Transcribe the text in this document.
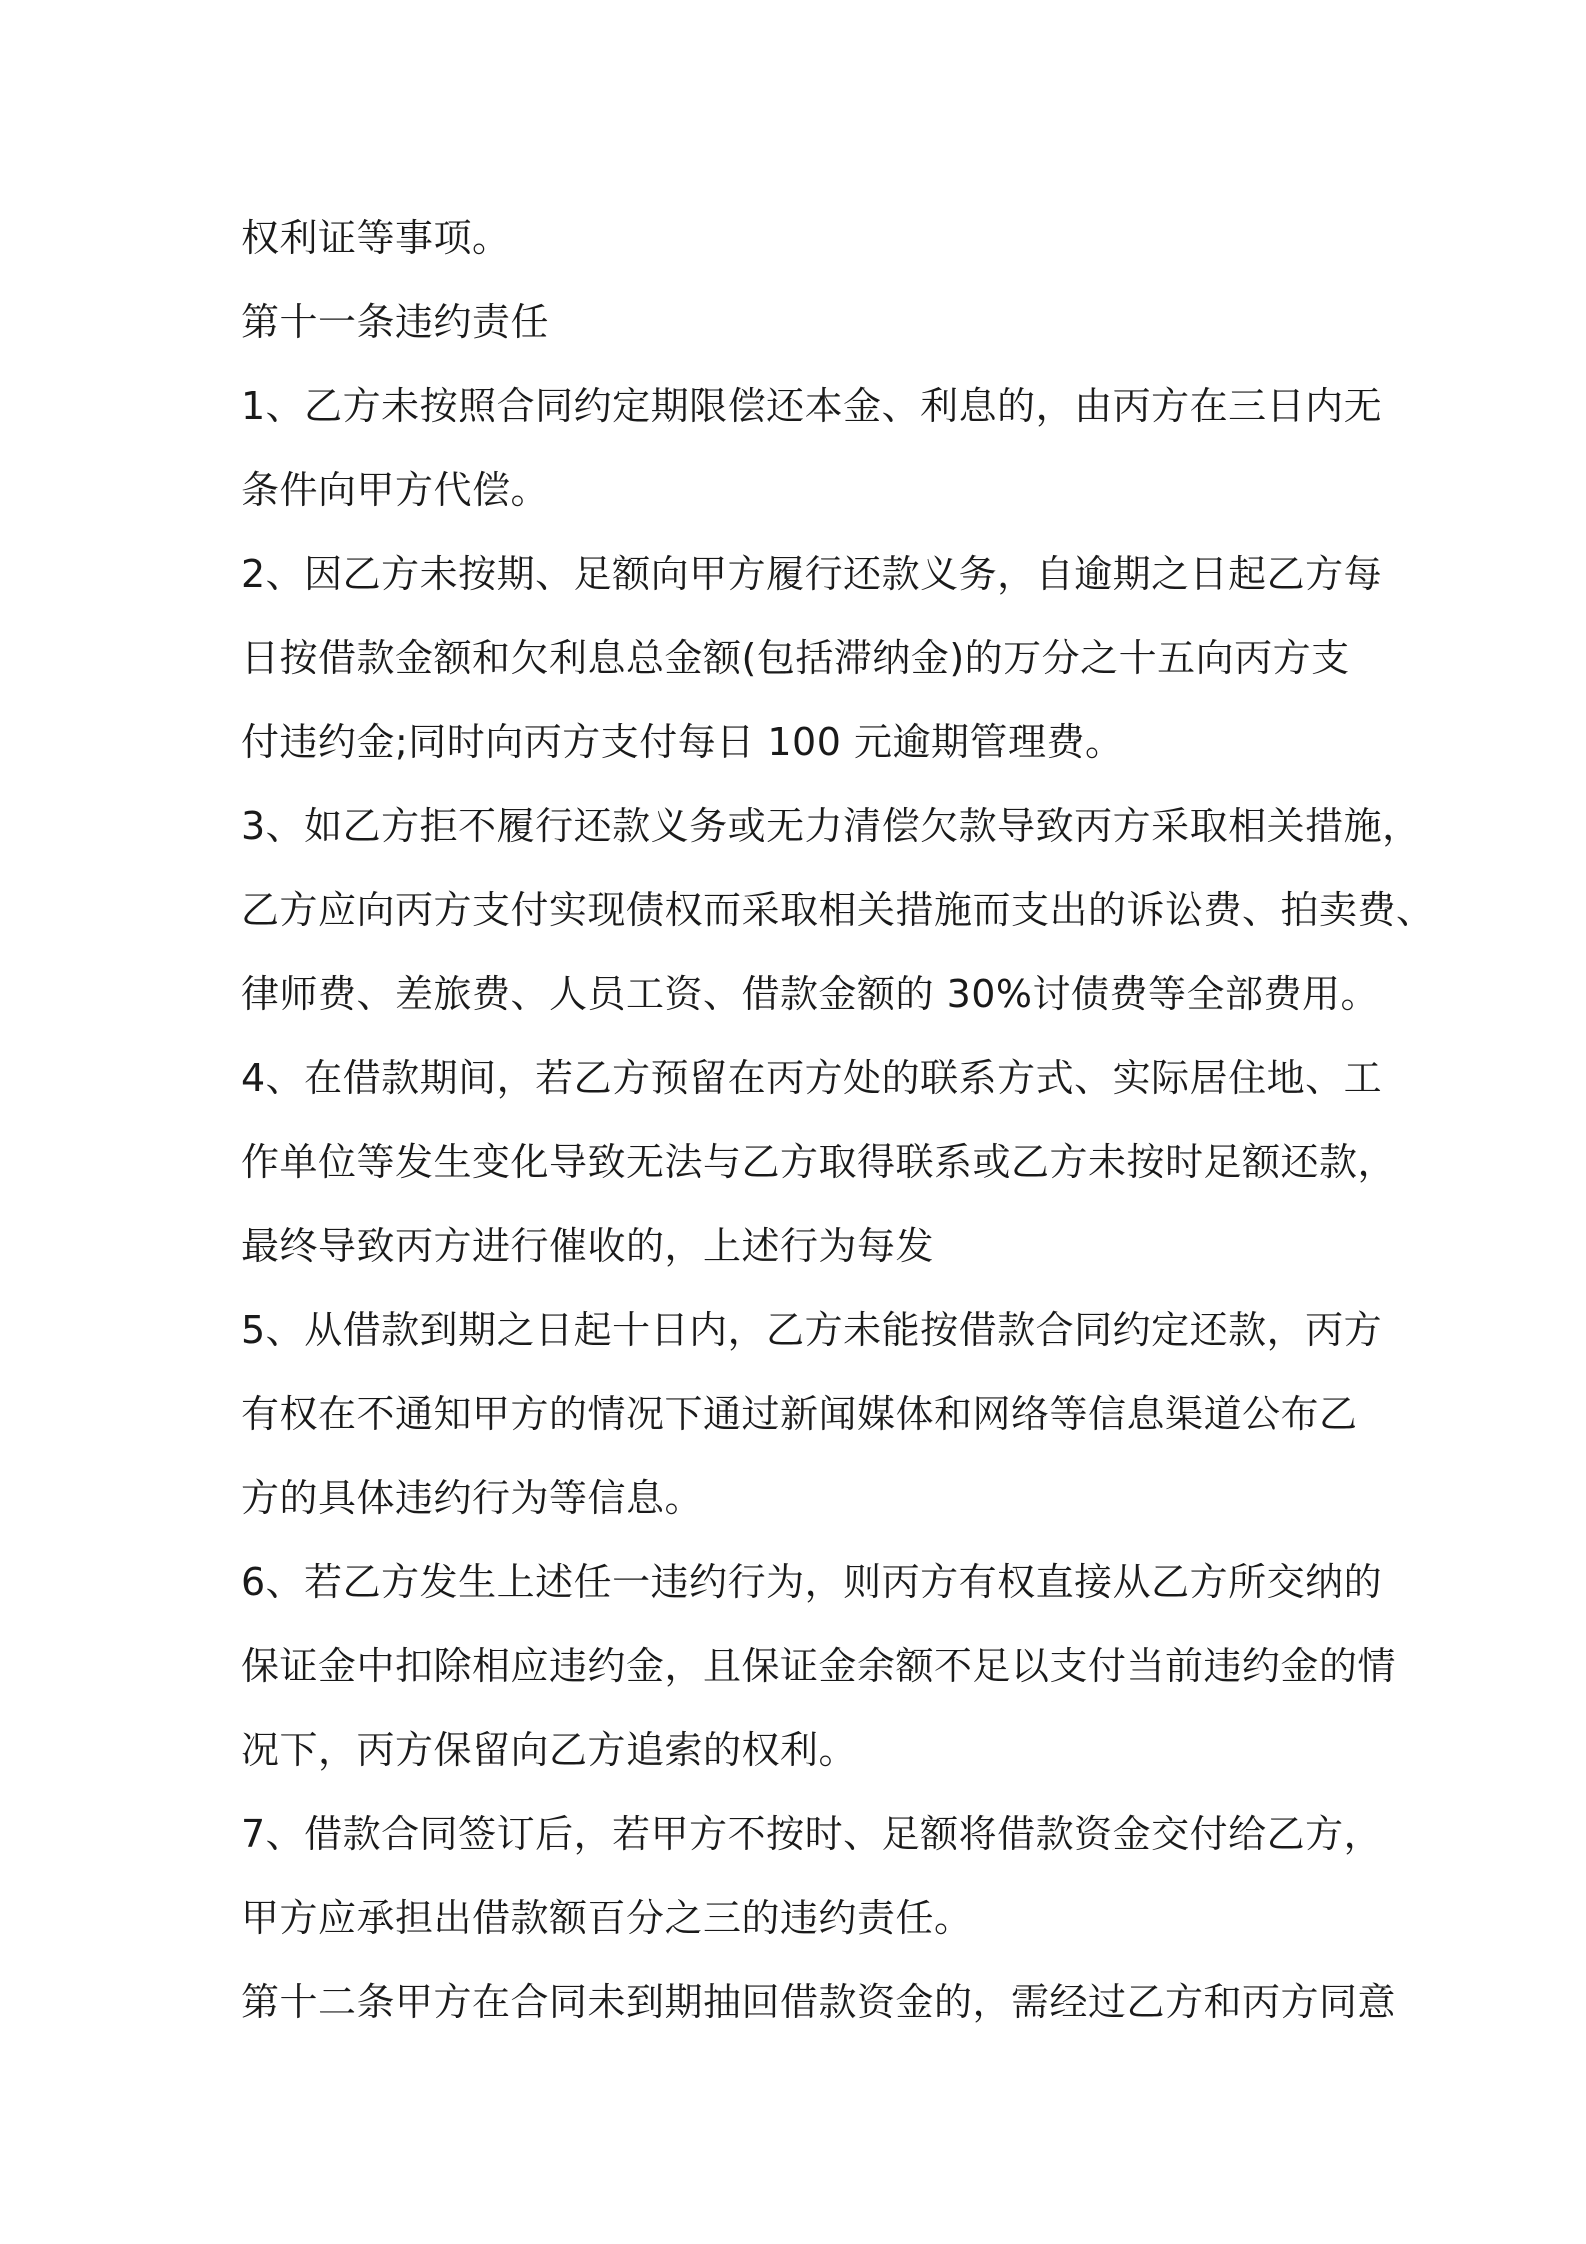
权利证等事项。
第十一条违约责任
1、乙方未按照合同约定期限偿还本金、利息的，由丙方在三日内无
条件向甲方代偿。
2、因乙方未按期、足额向甲方履行还款义务，自逾期之日起乙方每
日按借款金额和欠利息总金额(包括滞纳金)的万分之十五向丙方支
付违约金;同时向丙方支付每日 100 元逾期管理费。
3、如乙方拒不履行还款义务或无力清偿欠款导致丙方采取相关措施，
乙方应向丙方支付实现债权而采取相关措施而支出的诉讼费、拍卖费、
律师费、差旅费、人员工资、借款金额的 30%讨债费等全部费用。
4、在借款期间，若乙方预留在丙方处的联系方式、实际居住地、工
作单位等发生变化导致无法与乙方取得联系或乙方未按时足额还款，
最终导致丙方进行催收的，上述行为每发
5、从借款到期之日起十日内，乙方未能按借款合同约定还款，丙方
有权在不通知甲方的情况下通过新闻媒体和网络等信息渠道公布乙
方的具体违约行为等信息。
6、若乙方发生上述任一违约行为，则丙方有权直接从乙方所交纳的
保证金中扣除相应违约金，且保证金余额不足以支付当前违约金的情
况下，丙方保留向乙方追索的权利。
7、借款合同签订后，若甲方不按时、足额将借款资金交付给乙方，
甲方应承担出借款额百分之三的违约责任。
第十二条甲方在合同未到期抽回借款资金的，需经过乙方和丙方同意
